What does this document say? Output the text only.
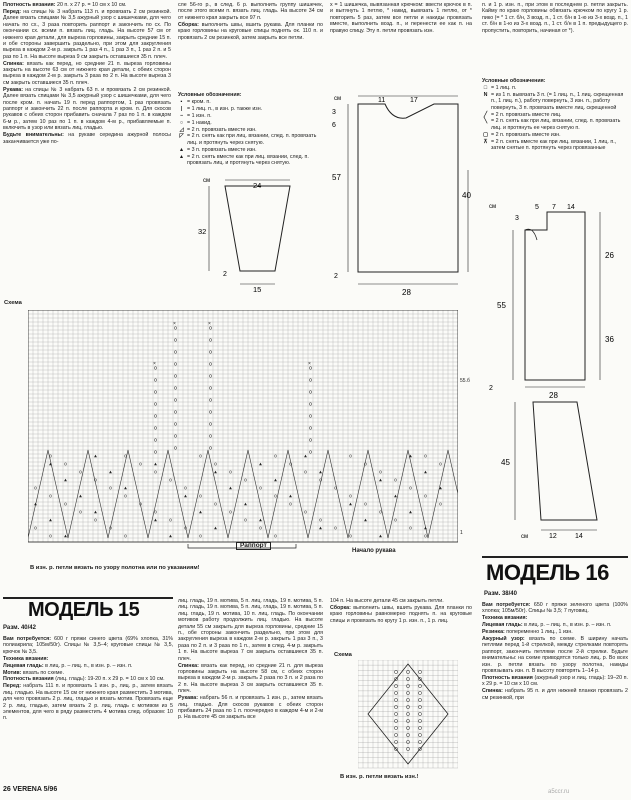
Плотность вязания: 20 п. x 27 р. = 10 см x 10 см.

Перед: на спицы № 3 набрать 113 п. и провязать 2 см резинкой. Далее вязать спицами № 3,5 ажурный узор с шишечками, для чего начать по сх., 3 раза повторить раппорт и закончить по сх. По окончании сх. всеми п. вязать лиц. гладь. На высоте 57 см от нижнего края детали, для выреза горловины, закрыть средние 15 п. и обе стороны завершить раздельно, при этом для закругления выреза в каждом 2-м р. закрыть 1 раз 4 п., 1 раз 3 п., 1 раз 2 п. и 5 раз по 1 п. На высоте выреза 9 см закрыть оставшиеся 35 п. плеч.

Спинка: вязать как перед, но средние 21 п. выреза горловины закрыть на высоте 63 см от нижнего края детали, с обеих сторон выреза в каждом 2-м р. закрыть 3 раза по 2 п. На высоте выреза 3 см закрыть оставшиеся 35 п. плеч.

Рукава: на спицы № 3 набрать 63 п. и провязать 2 см резинкой. Далее вязать спицами № 3,5 ажурный узор с шишечками, для чего после кром. п. начать 19 п. перед раппортом, 1 раз провязать раппорт и закончить 22 п. после раппорта и кром. п. Для скосов рукавов с обеих сторон прибавить сначала 7 раз по 1 п. в каждом 6-м р., затем 10 раз по 1 п. в каждом 4-м р., прибавляемые п. включить в узор или вязать лиц. гладью.

Будьте внимательны: на рукаве середина ажурной полосы заканчивается уже по-

сле 56-го р., в след. 6 р. выполнить группу шишечек, после этого всеми п. вязать лиц. гладь. На высоте 34 см от нижнего края закрыть все 97 п.

Сборка: выполнить швы, вшить рукава. Для планки по краю горловины на круговые спицы поднять ок. 110 п. и провязать 2 см резинкой, затем закрыть все петли.

Условные обозначения:

▪ = кром. п.
| = 1 лиц. п., в изн. р. также изн.
− = 1 изн. п.
○ = 1 накид.
◿ = 2 п. провязать вместе изн.
◸ = 2 п. снять как при лиц. вязании, след. п. провязать лиц. и протянуть через снятую.
▲ = 3 п. провязать вместе изн.
▴ = 2 п. снять вместе как при лиц. вязании, след. п. провязать лиц. и протянуть через снятую.

x = 1 шишечка, вывязанная крючком: ввести крючок в п. и вытянуть 1 петлю, * накид, вывязать 1 петлю, от * повторить 5 раз, затем все петли и накиды провязать вместе, выполнить возд. п., и перенести ее как п. на правую спицу. Эту п. петли провязать изн.

п. и 1 р. изн. п., при этом в последнем р. петли закрыть. Кайму по краю горловины обвязать крючком по кругу 1 р. пико (= * 1 ст. б/н, 3 возд. п., 1 ст. б/н в 1-ю из 3-х возд. п., 1 ст. б/н в 1-ю из 3-х возд. п., 1 ст. б/н в 1 п. предыдущего р. пропустить, повторить, начиная от *).

Условные обозначения:

□ = 1 лиц. п.
N = из 1 п. вывязать 3 п. (= 1 лиц. п., 1 лиц. скрещенная п., 1 лиц. п.), работу повернуть, 3 изн. п., работу повернуть, 3 п. провязать вместе лиц. скрещенной
╱ = 2 п. провязать вместе лиц.
╲ = 2 п. снять как при лиц. вязании, след. п. провязать лиц. и протянуть ее через снятую п.
▢ = 2 п. провязать вместе изн.
⊼ = 2 п. снять вместе как при лиц. вязании, 1 лиц. п., затем снятые п. протянуть через провязанные
см	24
32
2
15
11	17
3
6
57
40
2
28
см
5 7 14
3
55
26
36
см
2
28
45
12	14
см
Схема
×
×	×
×
55.б
1
Раппорт
Начало рукава
В изн. р. петли вязать по узору полотна или по указаниям!
МОДЕЛЬ 15
Разм. 40/42

Вам потребуется: 600 г пряжи синего цвета (69% хлопка, 31% полиакрила; 105м/50г). Спицы № 3,5–4; круговые спицы № 3,5, крючок № 3,5.

Техника вязания:

Лицевая гладь: в лиц. р. – лиц. п., в изн. р. – изн. п.

Мотив: вязать по схеме.

Плотность вязания (лиц. гладь): 19-20 п. x 29 р. = 10 см x 10 см.

Перед: набрать 111 п. и провязать 1 изн. р., лиц. р., затем вязать лиц. гладью. На высоте 15 см от нижнего края разместить 3 мотива, для чего провязать 2 р. лиц. гладью и вязать мотив. Провязать еще 2 р. лиц. гладью, затем вязать 2 р. лиц. гладь с мотивом из 5 элементов, для чего в ряду разместить 4 мотива след. образом: 10 п.

лиц. гладь, 19 п. мотива, 5 п. лиц. гладь, 19 п. мотива, 5 п. лиц. гладь, 19 п. мотива, 5 п. лиц. гладь, 19 п. мотива, 5 п. лиц. гладь, 19 п. мотива, 10 п. лиц. гладь. По окончании мотивов работу продолжить лиц. гладью. На высоте детали 55 см закрыть для выреза горловины, средние 15 п., обе стороны закончить раздельно, при этом для закругления выреза в каждом 2-м р. закрыть 1 раз 3 п., 3 раза по 2 п. и 3 раза по 1 п., затем в след. 4-м р. закрыть 1 п. На высоте выреза 7 см закрыть оставшиеся 35 п. плеч.

Спинка: вязать как перед, но средние 21 п. для выреза горловины закрыть на высоте 58 см, с обеих сторон выреза в каждом 2-м р. закрыть 2 раза по 3 п. и 2 раза по 2 п. На высоте выреза 3 см закрыть оставшиеся 35 п. плеч.

Рукава: набрать 56 п. и провязать 1 изн. р., затем вязать лиц. гладью. Для скосов рукавов с обеих сторон прибавить 24 раза по 1 п. поочередно в каждом 4-м и 2-м р. На высоте 45 см закрыть все

104 п. На высоте детали 45 см закрыть петли.

Сборка: выполнить швы, вшить рукава. Для планки по краю горловины равномерно поднять п. на круговые спицы и провязать по кругу 1 р. изн. п., 1 р. лиц.

Схема
В изн. р. петли вязать изн.!
МОДЕЛЬ 16
Разм. 38/40

Вам потребуется: 650 г пряжи зеленого цвета (100% хлопка; 105м/50г). Спицы № 3,5; 7 пуговиц.

Техника вязания:

Лицевая гладь: в лиц. р. – лиц. п., в изн. р. – изн. п.

Резинка: попеременно 1 лиц., 1 изн.

Ажурный узор: вязать по схеме. В ширину начать петлями перед 1-й стрелкой, между стрелками повторять раппорт, закончить петлями после 2-й стрелки. Будьте внимательны: на схеме приводятся только лиц. р. Во всех изн. р. петли вязать по узору полотна, накиды провязывать изн. п. В высоту повторять 1–14 р.

Плотность вязания (ажурный узор и лиц. гладь): 19–20 п. x 29 р. = 10 см x 10 см.

Спинка: набрать 95 п. и для нижней планки провязать 2 см резинкой, при

26 VERENA 5/96	a5ccr.ru
